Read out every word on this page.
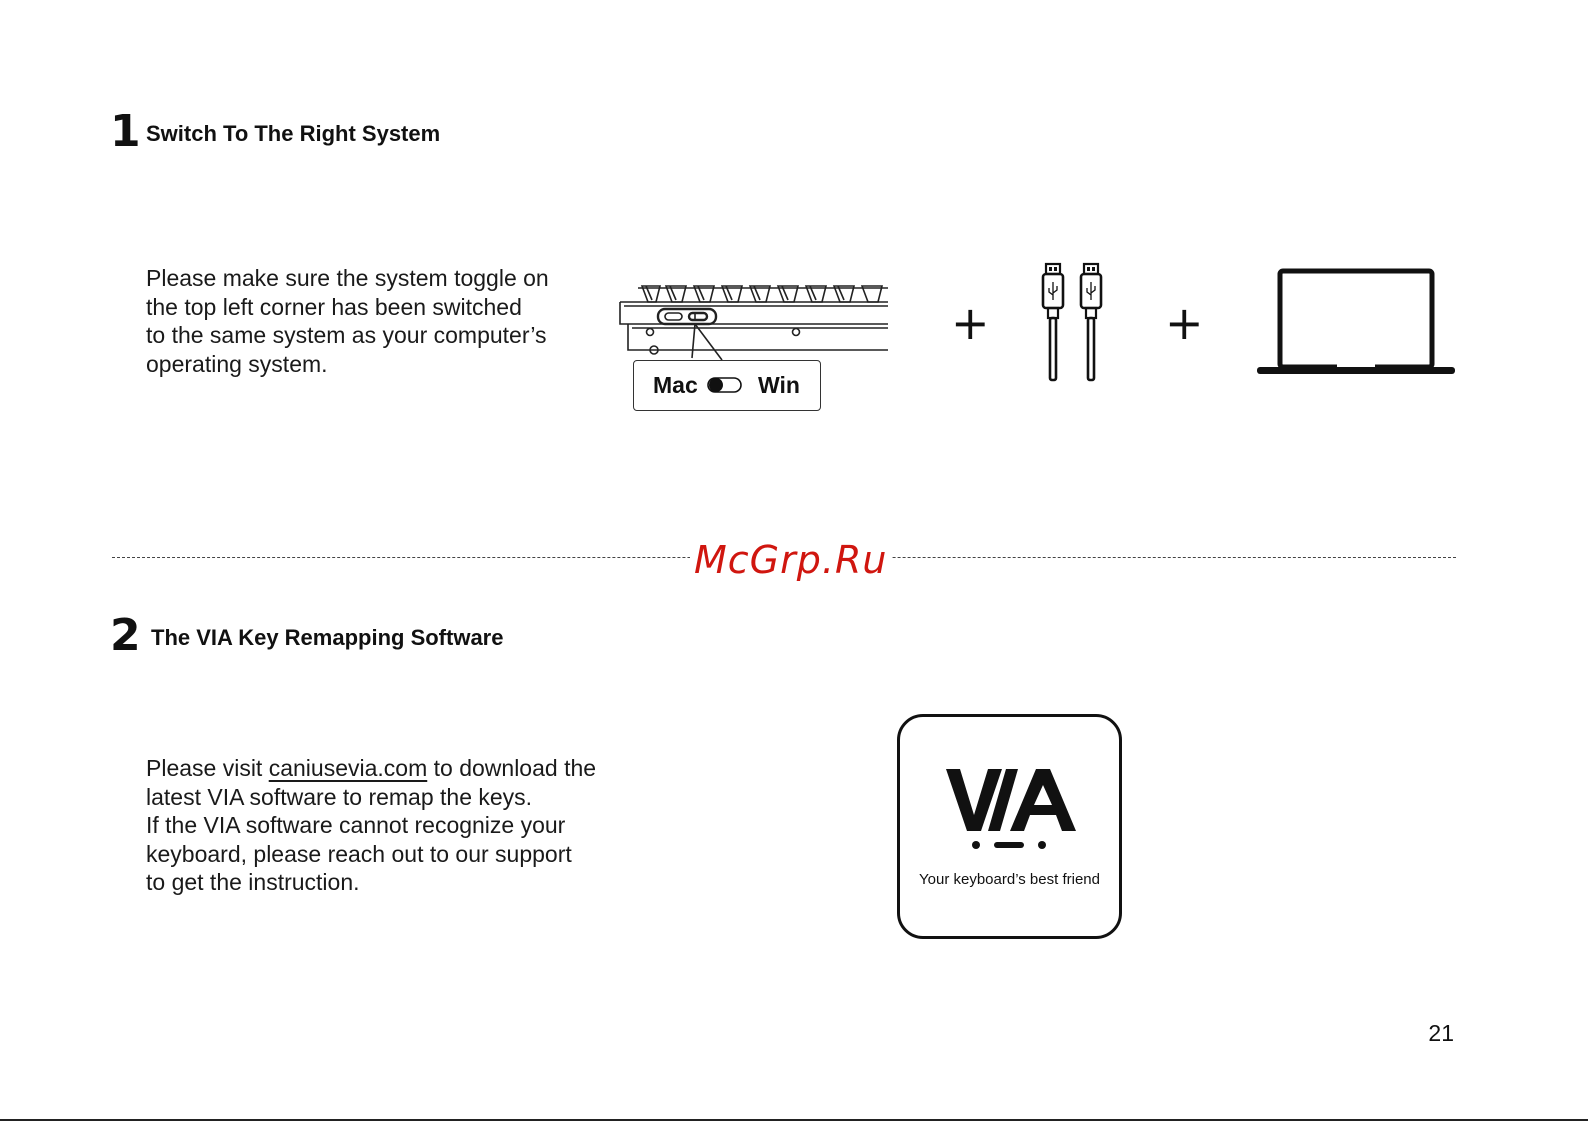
1 Switch To The Right System

Please make sure the system toggle on

the top left corner has been switched

to the same system as your computer’s

operating system.

Mac	Win
+	+
McGrp.Ru
2 The VIA Key Remapping Software

Please visit caniusevia.com to download the

latest VIA software to remap the keys.

If the VIA software cannot recognize your

keyboard, please reach out to our support

to get the instruction.	Your keyboard’s best friend
21
